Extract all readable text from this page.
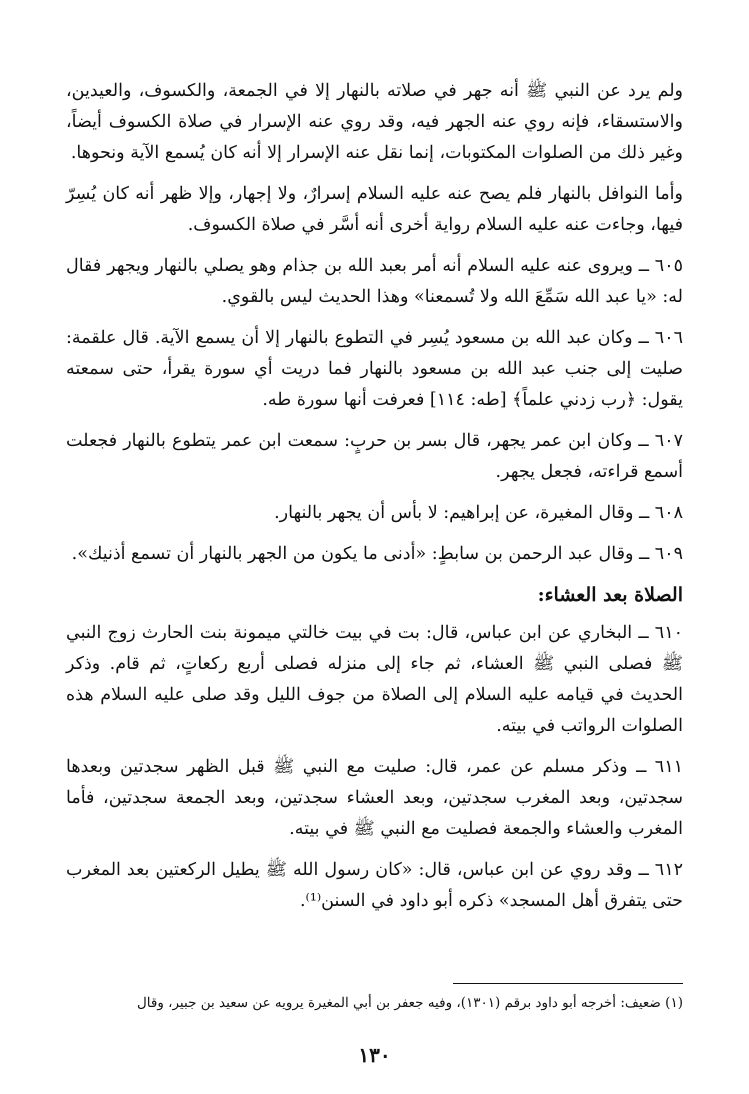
ولم يرد عن النبي ﷺ أنه جهر في صلاته بالنهار إلا في الجمعة، والكسوف، والعيدين، والاستسقاء، فإنه روي عنه الجهر فيه، وقد روي عنه الإسرار في صلاة الكسوف أيضاً، وغير ذلك من الصلوات المكتوبات، إنما نقل عنه الإسرار إلا أنه كان يُسمع الآية ونحوها.

وأما النوافل بالنهار فلم يصح عنه عليه السلام إسرارٌ، ولا إجهار، وإلا ظهر أنه كان يُسِرّ فيها، وجاءت عنه عليه السلام رواية أخرى أنه أسَّر في صلاة الكسوف.

٦٠٥ ــ ويروى عنه عليه السلام أنه أمر بعبد الله بن جذام وهو يصلي بالنهار ويجهر فقال له: «يا عبد الله سَمِّعَ الله ولا تُسمعنا» وهذا الحديث ليس بالقوي.

٦٠٦ ــ وكان عبد الله بن مسعود يُسِر في التطوع بالنهار إلا أن يسمع الآية. قال علقمة: صليت إلى جنب عبد الله بن مسعود بالنهار فما دريت أي سورة يقرأ، حتى سمعته يقول: ﴿رب زدني علماً﴾ [طه: ١١٤] فعرفت أنها سورة طه.

٦٠٧ ــ وكان ابن عمر يجهر، قال بسر بن حربٍ: سمعت ابن عمر يتطوع بالنهار فجعلت أسمع قراءته، فجعل يجهر.

٦٠٨ ــ وقال المغيرة، عن إبراهيم: لا بأس أن يجهر بالنهار.

٦٠٩ ــ وقال عبد الرحمن بن سابطٍ: «أدنى ما يكون من الجهر بالنهار أن تسمع أذنيك».

الصلاة بعد العشاء:

٦١٠ ــ البخاري عن ابن عباس، قال: بت في بيت خالتي ميمونة بنت الحارث زوج النبي ﷺ فصلى النبي ﷺ العشاء، ثم جاء إلى منزله فصلى أربع ركعاتٍ، ثم قام. وذكر الحديث في قيامه عليه السلام إلى الصلاة من جوف الليل وقد صلى عليه السلام هذه الصلوات الرواتب في بيته.

٦١١ ــ وذكر مسلم عن عمر، قال: صليت مع النبي ﷺ قبل الظهر سجدتين وبعدها سجدتين، وبعد المغرب سجدتين، وبعد العشاء سجدتين، وبعد الجمعة سجدتين، فأما المغرب والعشاء والجمعة فصليت مع النبي ﷺ في بيته.

٦١٢ ــ وقد روي عن ابن عباس، قال: «كان رسول الله ﷺ يطيل الركعتين بعد المغرب حتى يتفرق أهل المسجد» ذكره أبو داود في السنن⁽¹⁾.

(١) ضعيف: أخرجه أبو داود برقم (١٣٠١)، وفيه جعفر بن أبي المغيرة يرويه عن سعيد بن جبير، وقال
١٣٠
